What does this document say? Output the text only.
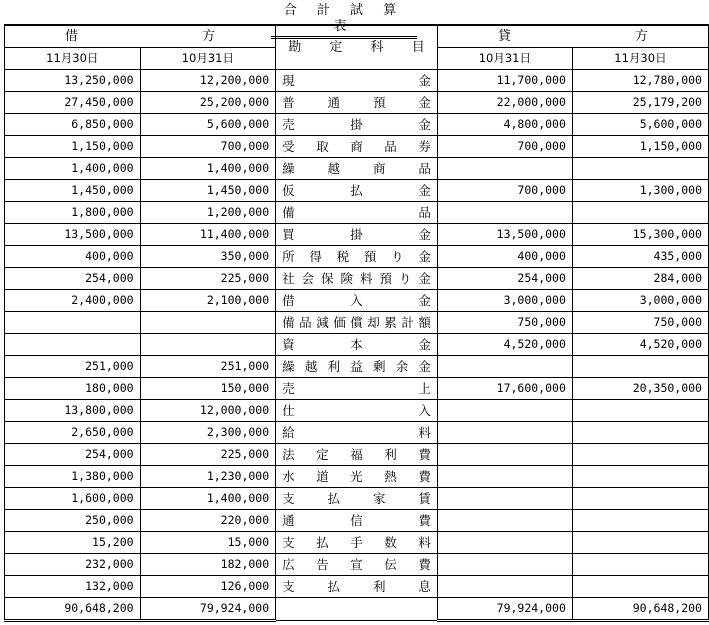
合 計 試 算 表
借 方		勘 定 科 目	貸 方	
11月30日	10月31日		10月31日	11月30日
13,250,000	12,200,000	現金	11,700,000	12,780,000
27,450,000	25,200,000	普通預金	22,000,000	25,179,200
6,850,000	5,600,000	売掛金	4,800,000	5,600,000
1,150,000	700,000	受取商品券	700,000	1,150,000
1,400,000	1,400,000	繰越商品		

1,450,000	1,450,000	仮払金	700,000	1,300,000
1,800,000	1,200,000	備品		

13,500,000	11,400,000	買掛金	13,500,000	15,300,000
400,000	350,000	所得税預り金	400,000	435,000
254,000	225,000	社会保険料預り金	254,000	284,000
2,400,000	2,100,000	借入金	3,000,000	3,000,000

		備品減価償却累計額	750,000	750,000

		資本金	4,520,000	4,520,000
251,000	251,000	繰越利益剰余金		

180,000	150,000	売上	17,600,000	20,350,000
13,800,000	12,000,000	仕入		

2,650,000	2,300,000	給料		

254,000	225,000	法定福利費		

1,380,000	1,230,000	水道光熱費		

1,600,000	1,400,000	支払家賃		

250,000	220,000	通信費		

15,200	15,000	支払手数料		

232,000	182,000	広告宣伝費		

132,000	126,000	支払利息		

90,648,200	79,924,000		79,924,000	90,648,200
